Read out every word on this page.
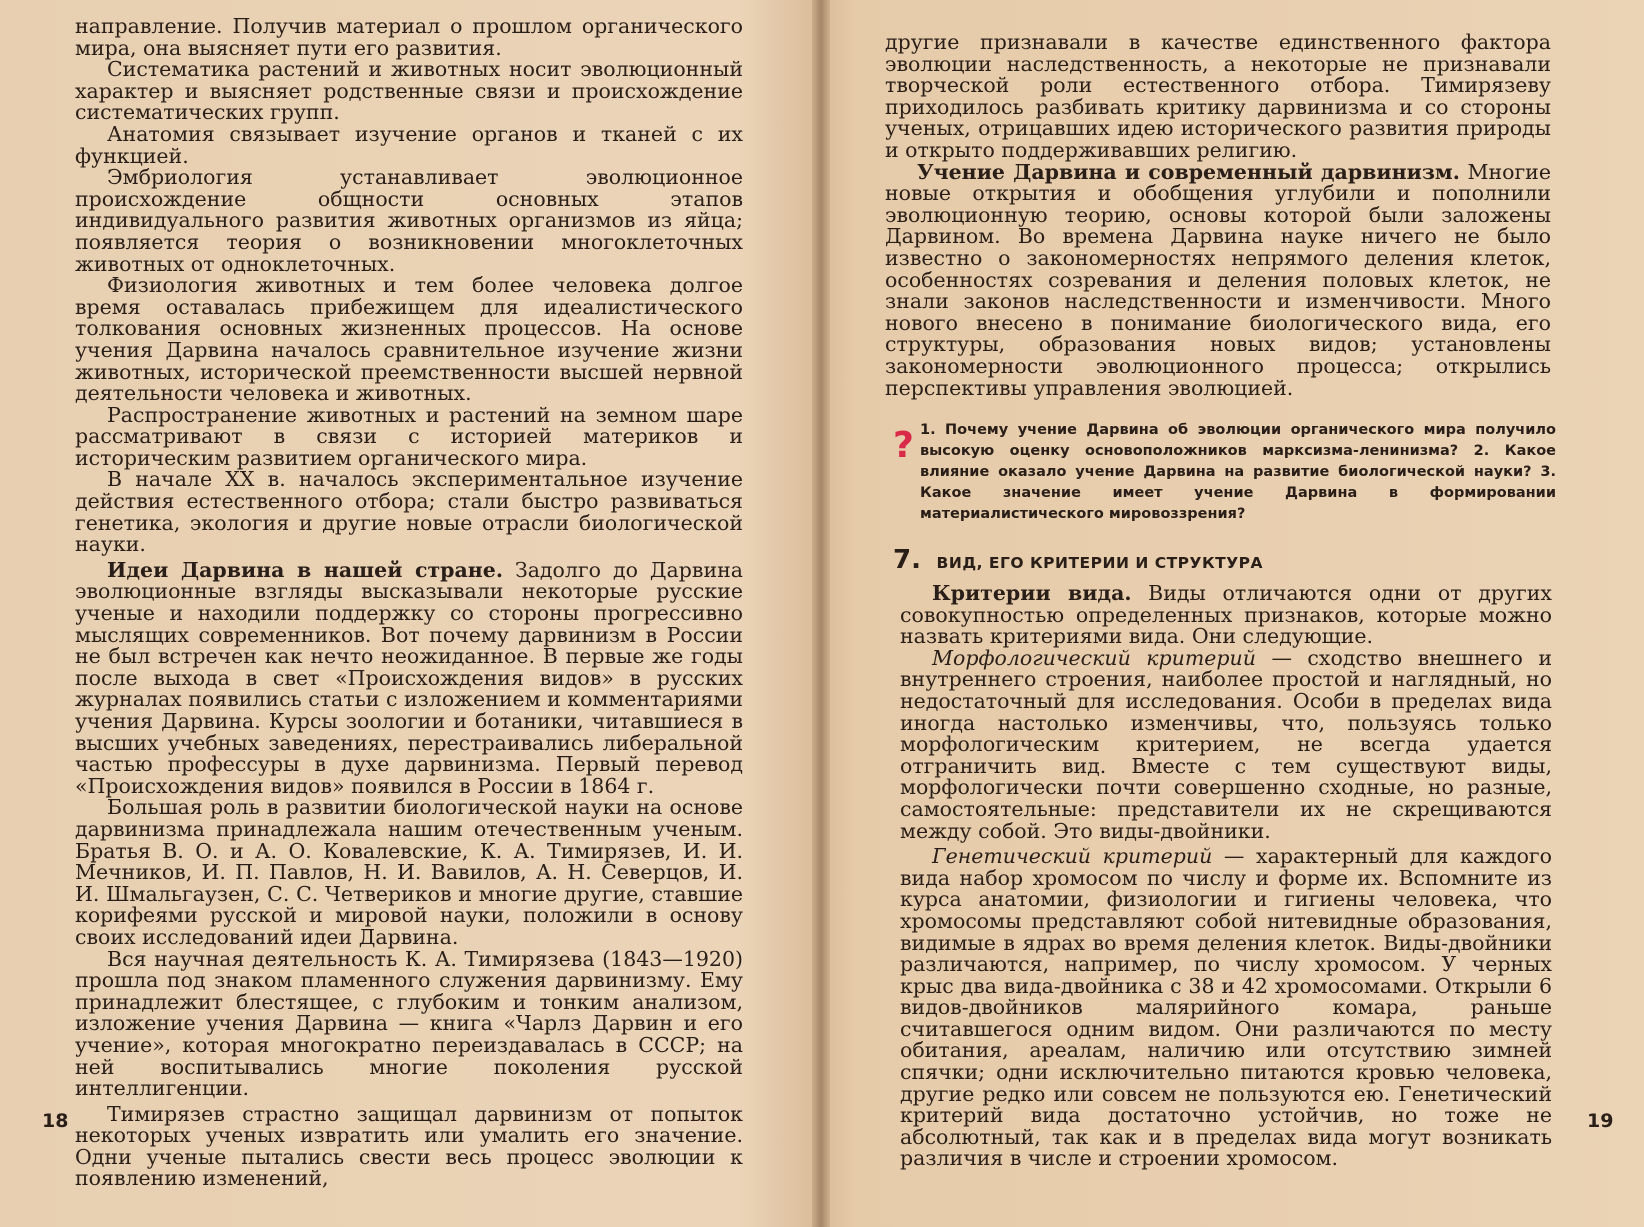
направление. Получив материал о прошлом органического мира, она выясняет пути его развития.

Систематика растений и животных носит эволюционный характер и выясняет родственные связи и происхождение систематических групп.

Анатомия связывает изучение органов и тканей с их функцией.

Эмбриология устанавливает эволюционное происхождение общности основных этапов индивидуального развития животных организмов из яйца; появляется теория о возникновении многоклеточных животных от одноклеточных.

Физиология животных и тем более человека долгое время оставалась прибежищем для идеалистического толкования основных жизненных процессов. На основе учения Дарвина началось сравнительное изучение жизни животных, исторической преемственности высшей нервной деятельности человека и животных.

Распространение животных и растений на земном шаре рассматривают в связи с историей материков и историческим развитием органического мира.

В начале XX в. началось экспериментальное изучение действия естественного отбора; стали быстро развиваться генетика, экология и другие новые отрасли биологической науки.

Идеи Дарвина в нашей стране. Задолго до Дарвина эволюционные взгляды высказывали некоторые русские ученые и находили поддержку со стороны прогрессивно мыслящих современников. Вот почему дарвинизм в России не был встречен как нечто неожиданное. В первые же годы после выхода в свет «Происхождения видов» в русских журналах появились статьи с изложением и комментариями учения Дарвина. Курсы зоологии и ботаники, читавшиеся в высших учебных заведениях, перестраивались либеральной частью профессуры в духе дарвинизма. Первый перевод «Происхождения видов» появился в России в 1864 г.

Большая роль в развитии биологической науки на основе дарвинизма принадлежала нашим отечественным ученым. Братья В. О. и А. О. Ковалевские, К. А. Тимирязев, И. И. Мечников, И. П. Павлов, Н. И. Вавилов, А. Н. Северцов, И. И. Шмальгаузен, С. С. Четвериков и многие другие, ставшие корифеями русской и мировой науки, положили в основу своих исследований идеи Дарвина.

Вся научная деятельность К. А. Тимирязева (1843—1920) прошла под знаком пламенного служения дарвинизму. Ему принадлежит блестящее, с глубоким и тонким анализом, изложение учения Дарвина — книга «Чарлз Дарвин и его учение», которая многократно переиздавалась в СССР; на ней воспитывались многие поколения русской интеллигенции.

Тимирязев страстно защищал дарвинизм от попыток некоторых ученых извратить или умалить его значение. Одни ученые пытались свести весь процесс эволюции к появлению изменений,

18

другие признавали в качестве единственного фактора эволюции наследственность, а некоторые не признавали творческой роли естественного отбора. Тимирязеву приходилось разбивать критику дарвинизма и со стороны ученых, отрицавших идею исторического развития природы и открыто поддерживавших религию.

Учение Дарвина и современный дарвинизм. Многие новые открытия и обобщения углубили и пополнили эволюционную теорию, основы которой были заложены Дарвином. Во времена Дарвина науке ничего не было известно о закономерностях непрямого деления клеток, особенностях созревания и деления половых клеток, не знали законов наследственности и изменчивости. Много нового внесено в понимание биологического вида, его структуры, образования новых видов; установлены закономерности эволюционного процесса; открылись перспективы управления эволюцией.

? 1. Почему учение Дарвина об эволюции органического мира получило высокую оценку основоположников марксизма-ленинизма? 2. Какое влияние оказало учение Дарвина на развитие биологической науки? 3. Какое значение имеет учение Дарвина в формировании материалистического мировоззрения?
7. ВИД, ЕГО КРИТЕРИИ И СТРУКТУРА

Критерии вида. Виды отличаются одни от других совокупностью определенных признаков, которые можно назвать критериями вида. Они следующие.

Морфологический критерий — сходство внешнего и внутреннего строения, наиболее простой и наглядный, но недостаточный для исследования. Особи в пределах вида иногда настолько изменчивы, что, пользуясь только морфологическим критерием, не всегда удается отграничить вид. Вместе с тем существуют виды, морфологически почти совершенно сходные, но разные, самостоятельные: представители их не скрещиваются между собой. Это виды-двойники.

Генетический критерий — характерный для каждого вида набор хромосом по числу и форме их. Вспомните из курса анатомии, физиологии и гигиены человека, что хромосомы представляют собой нитевидные образования, видимые в ядрах во время деления клеток. Виды-двойники различаются, например, по числу хромосом. У черных крыс два вида-двойника с 38 и 42 хромосомами. Открыли 6 видов-двойников малярийного комара, раньше считавшегося одним видом. Они различаются по месту обитания, ареалам, наличию или отсутствию зимней спячки; одни исключительно питаются кровью человека, другие редко или совсем не пользуются ею. Генетический критерий вида достаточно устойчив, но тоже не абсолютный, так как и в пределах вида могут возникать различия в числе и строении хромосом.

19
